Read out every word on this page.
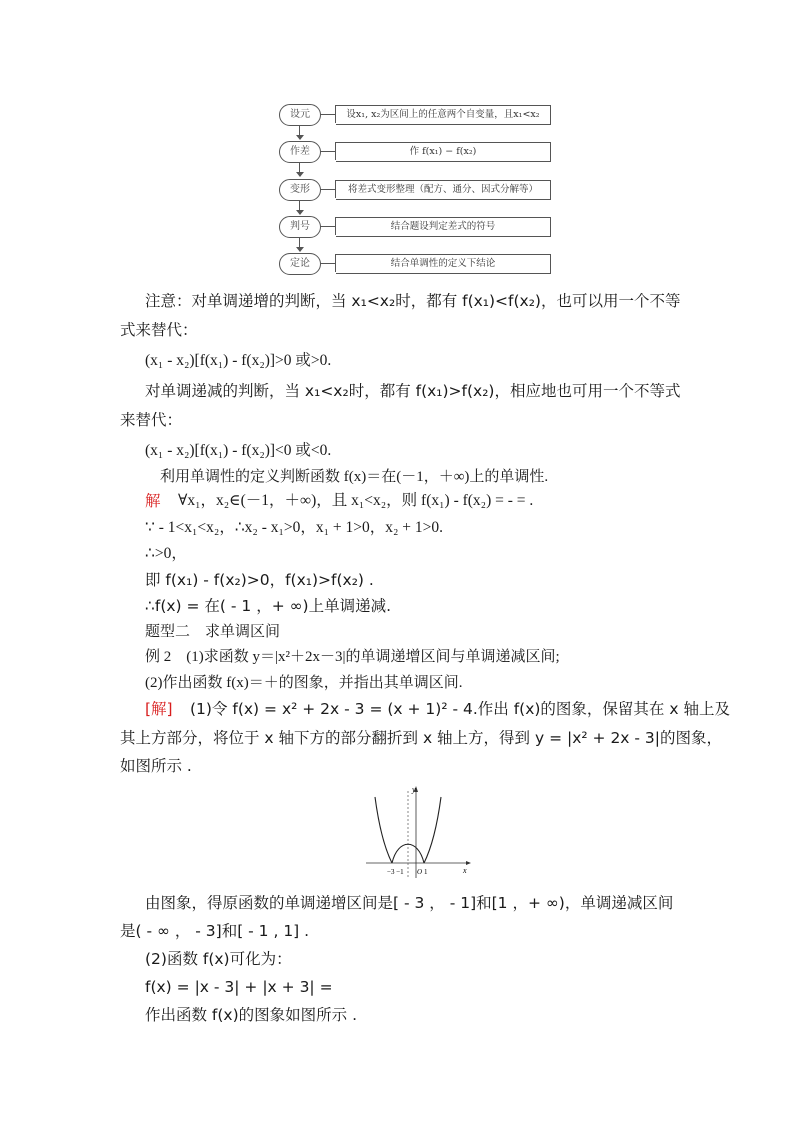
设元	设x₁, x₂为区间上的任意两个自变量，且x₁<x₂
作差	作 f(x₁) − f(x₂)
变形	将差式变形整理（配方、通分、因式分解等）
判号	结合题设判定差式的符号
定论	结合单调性的定义下结论
注意：对单调递增的判断，当 x₁<x₂时，都有 f(x₁)<f(x₂)，也可以用一个不等
式来替代：
(x₁ - x₂)[f(x₁) - f(x₂)]>0 或>0.
对单调递减的判断，当 x₁<x₂时，都有 f(x₁)>f(x₂)，相应地也可用一个不等式
来替代：
(x₁ - x₂)[f(x₁) - f(x₂)]<0 或<0.
利用单调性的定义判断函数 f(x)＝在(－1，＋∞)上的单调性.
解 ∀x₁，x₂∈(－1，＋∞)，且 x₁<x₂，则 f(x₁) - f(x₂) = - = .
∵ - 1<x₁<x₂，∴x₂ - x₁>0，x₁ + 1>0，x₂ + 1>0.
∴>0，
即 f(x₁) - f(x₂)>0，f(x₁)>f(x₂) .
∴f(x) = 在( - 1 ，+ ∞)上单调递减.
题型二　求单调区间
例 2　(1)求函数 y＝|x²＋2x－3|的单调递增区间与单调递减区间;
(2)作出函数 f(x)＝＋的图象，并指出其单调区间.
[解] (1)令 f(x) = x² + 2x - 3 = (x + 1)² - 4.作出 f(x)的图象，保留其在 x 轴上及
其上方部分，将位于 x 轴下方的部分翻折到 x 轴上方，得到 y = |x² + 2x - 3|的图象，
如图所示 .
y
x
−3 −1 O 1
由图象，得原函数的单调递增区间是[ - 3 ， - 1]和[1 ，+ ∞)，单调递减区间
是( - ∞ ， - 3]和[ - 1 , 1] .
(2)函数 f(x)可化为：
f(x) = |x - 3| + |x + 3| =
作出函数 f(x)的图象如图所示 .
